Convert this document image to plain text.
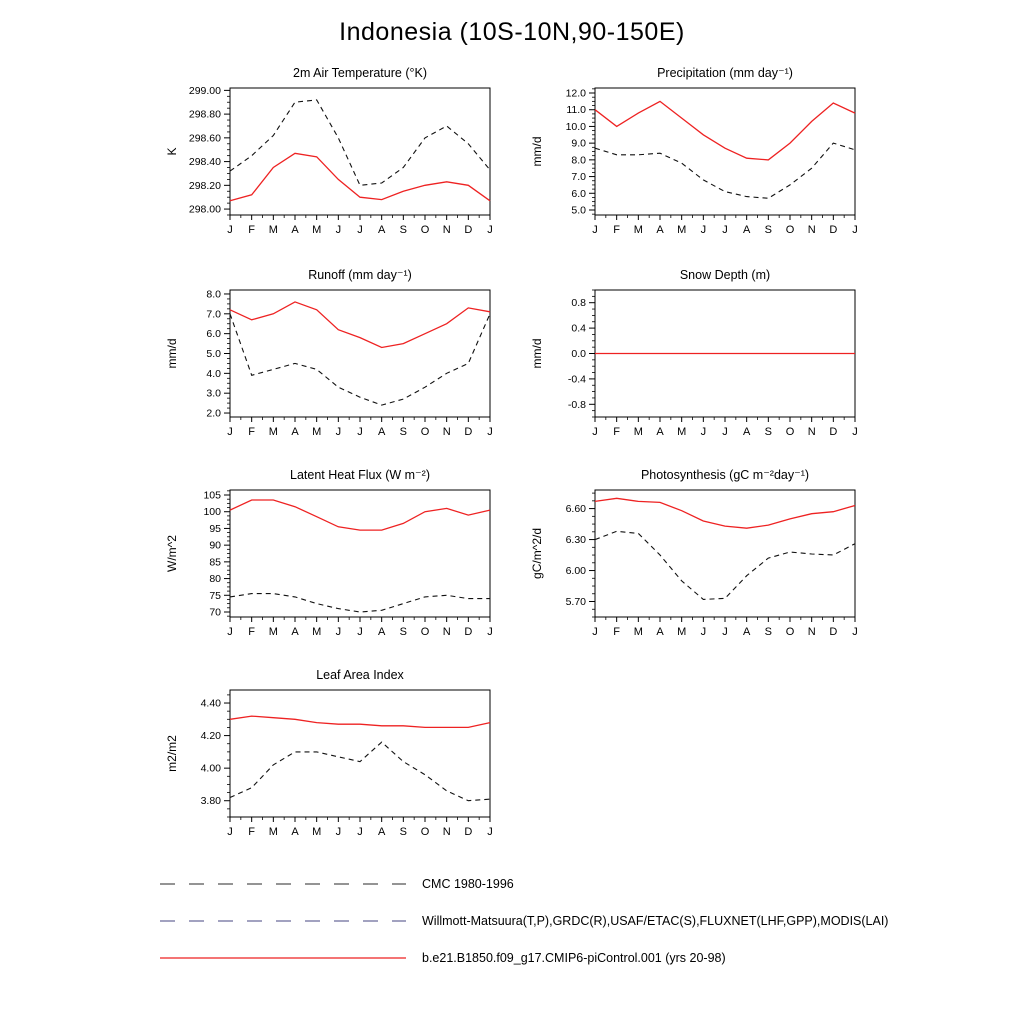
Indonesia (10S-10N,90-150E)
2m Air Temperature (°K)
K
298.00
298.20
298.40
298.60
298.80
299.00
J F M A M J J A S O N D J
Precipitation (mm day⁻¹)
mm/d
5.0
6.0
7.0
8.0
9.0
10.0
11.0
12.0
J F M A M J J A S O N D J
Runoff (mm day⁻¹)
mm/d
2.0
3.0
4.0
5.0
6.0
7.0
8.0
J F M A M J J A S O N D J
Snow Depth (m)
mm/d
-0.8
-0.4
0.0
0.4
0.8
J F M A M J J A S O N D J
Latent Heat Flux (W m⁻²)
W/m^2
70
75
80
85
90
95
100
105
J F M A M J J A S O N D J
Photosynthesis (gC m⁻²day⁻¹)
gC/m^2/d
5.70
6.00
6.30
6.60
J F M A M J J A S O N D J
Leaf Area Index
m2/m2
3.80
4.00
4.20
4.40
J F M A M J J A S O N D J
CMC 1980-1996
Willmott-Matsuura(T,P),GRDC(R),USAF/ETAC(S),FLUXNET(LHF,GPP),MODIS(LAI)
b.e21.B1850.f09_g17.CMIP6-piControl.001 (yrs 20-98)
